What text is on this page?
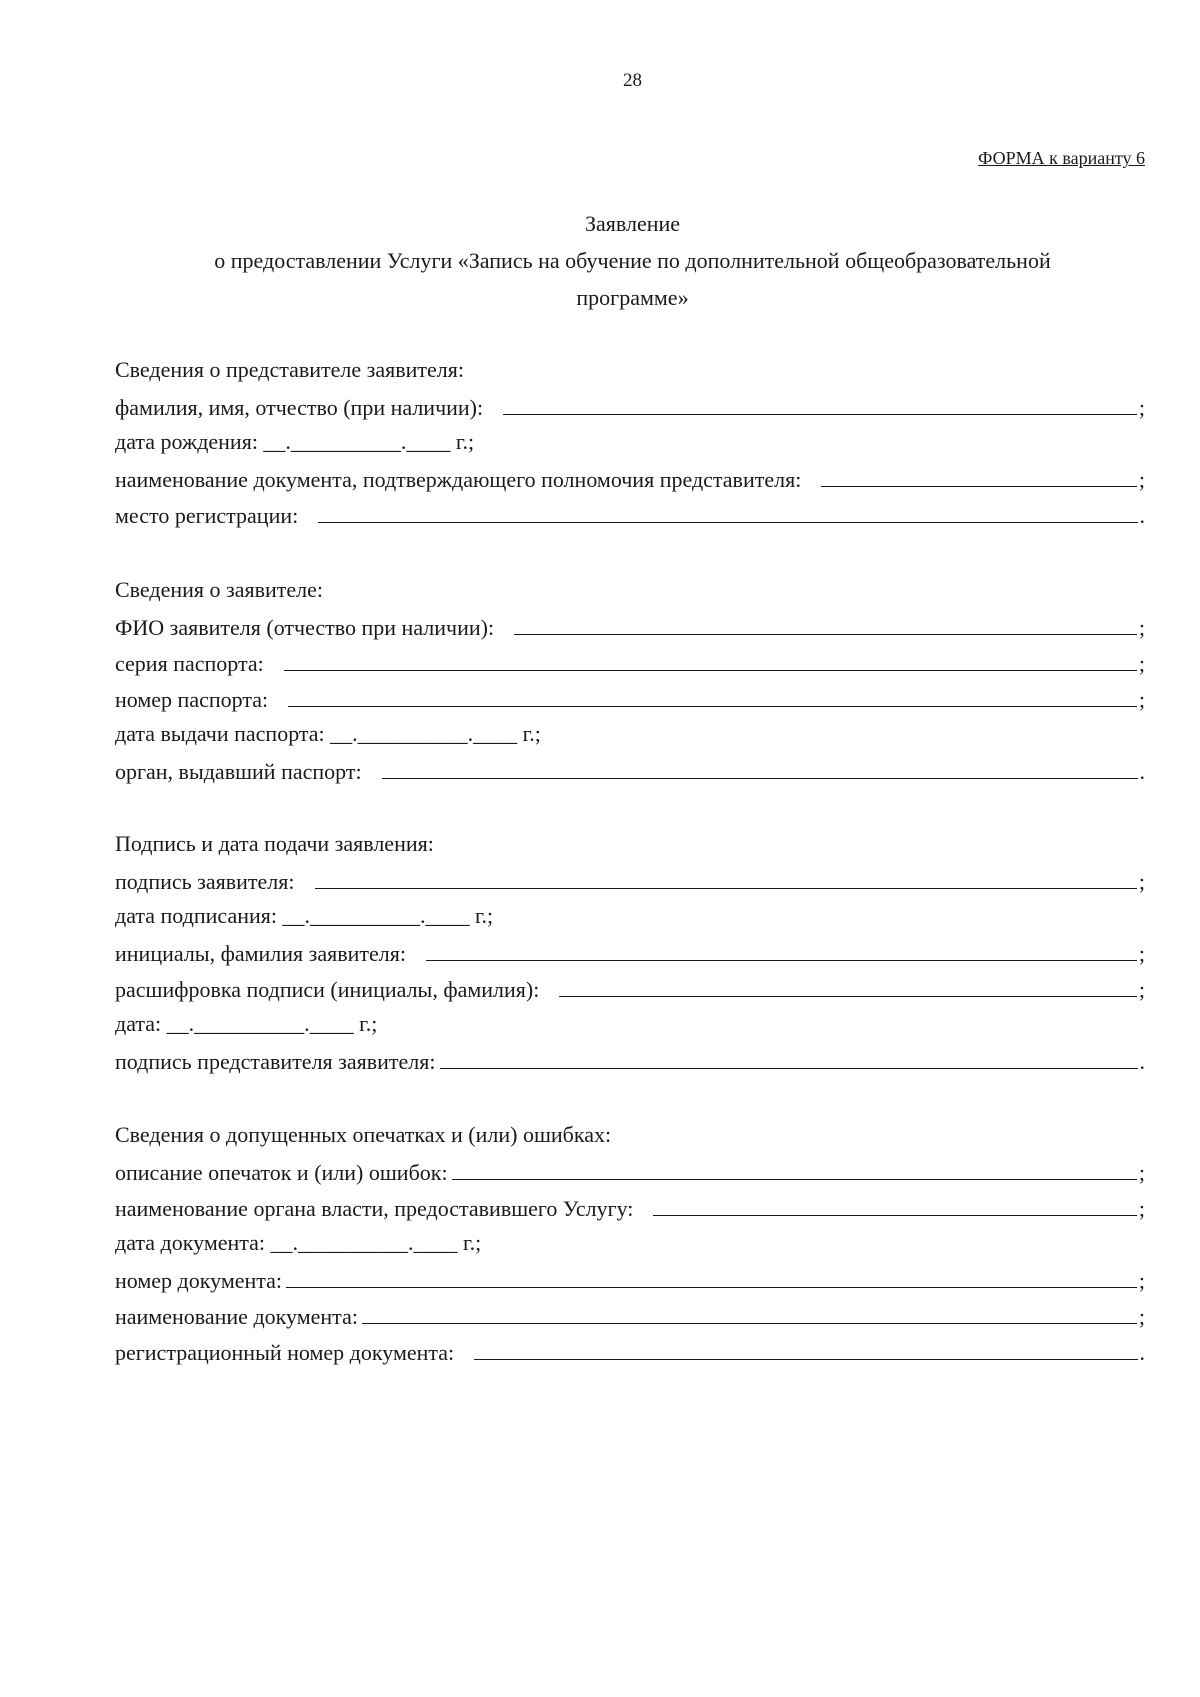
28
ФОРМА к варианту 6
Заявление
о предоставлении Услуги «Запись на обучение по дополнительной общеобразовательной
программе»
Сведения о представителе заявителя:
фамилия, имя, отчество (при наличии):	;
дата рождения: __.__________.____ г.;
наименование документа, подтверждающего полномочия представителя:	;
место регистрации:	.
Сведения о заявителе:
ФИО заявителя (отчество при наличии):	;
серия паспорта:	;
номер паспорта:	;
дата выдачи паспорта: __.__________.____ г.;
орган, выдавший паспорт:	.
Подпись и дата подачи заявления:
подпись заявителя:	;
дата подписания: __.__________.____ г.;
инициалы, фамилия заявителя:	;
расшифровка подписи (инициалы, фамилия):	;
дата: __.__________.____ г.;
подпись представителя заявителя:	.
Сведения о допущенных опечатках и (или) ошибках:
описание опечаток и (или) ошибок:	;
наименование органа власти, предоставившего Услугу:	;
дата документа: __.__________.____ г.;
номер документа:	;
наименование документа:	;
регистрационный номер документа:	.
